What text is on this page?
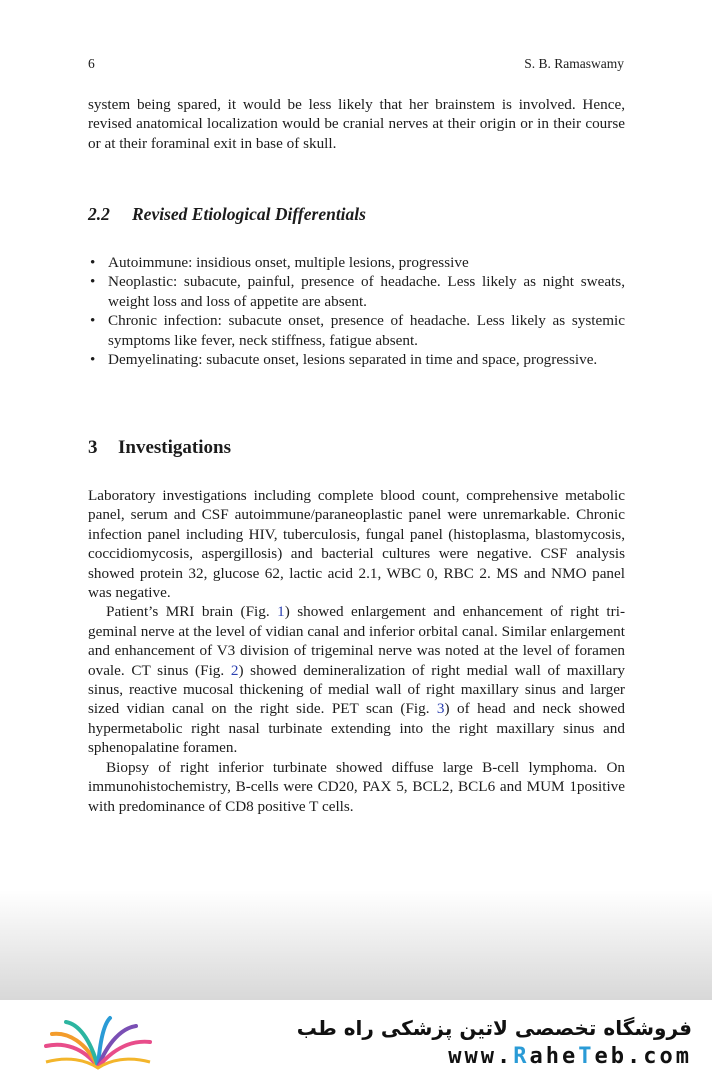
6	S. B. Ramaswamy

system being spared, it would be less likely that her brainstem is involved. Hence, revised anatomical localization would be cranial nerves at their origin or in their course or at their foraminal exit in base of skull.

2.2 Revised Etiological Differentials
• Autoimmune: insidious onset, multiple lesions, progressive
• Neoplastic: subacute, painful, presence of headache. Less likely as night sweats, weight loss and loss of appetite are absent.
• Chronic infection: subacute onset, presence of headache. Less likely as systemic symptoms like fever, neck stiffness, fatigue absent.
• Demyelinating: subacute onset, lesions separated in time and space, progressive.
3 Investigations

Laboratory investigations including complete blood count, comprehensive metabolic panel, serum and CSF autoimmune/paraneoplastic panel were unremarkable. Chronic infection panel including HIV, tuberculosis, fungal panel (histoplasma, blastomycosis, coccidiomycosis, aspergillosis) and bacterial cultures were negative. CSF analysis showed protein 32, glucose 62, lactic acid 2.1, WBC 0, RBC 2. MS and NMO panel was negative.

Patient’s MRI brain (Fig. 1) showed enlargement and enhancement of right trigeminal nerve at the level of vidian canal and inferior orbital canal. Similar enlargement and enhancement of V3 division of trigeminal nerve was noted at the level of foramen ovale. CT sinus (Fig. 2) showed demineralization of right medial wall of maxillary sinus, reactive mucosal thickening of medial wall of right maxillary sinus and larger sized vidian canal on the right side. PET scan (Fig. 3) of head and neck showed hypermetabolic right nasal turbinate extending into the right maxillary sinus and sphenopalatine foramen.

Biopsy of right inferior turbinate showed diffuse large B-cell lymphoma. On immunohistochemistry, B-cells were CD20, PAX 5, BCL2, BCL6 and MUM 1positive with predominance of CD8 positive T cells.

فروشگاه تخصصی لاتین پزشکی راه طب
www.RaheTeb.com
